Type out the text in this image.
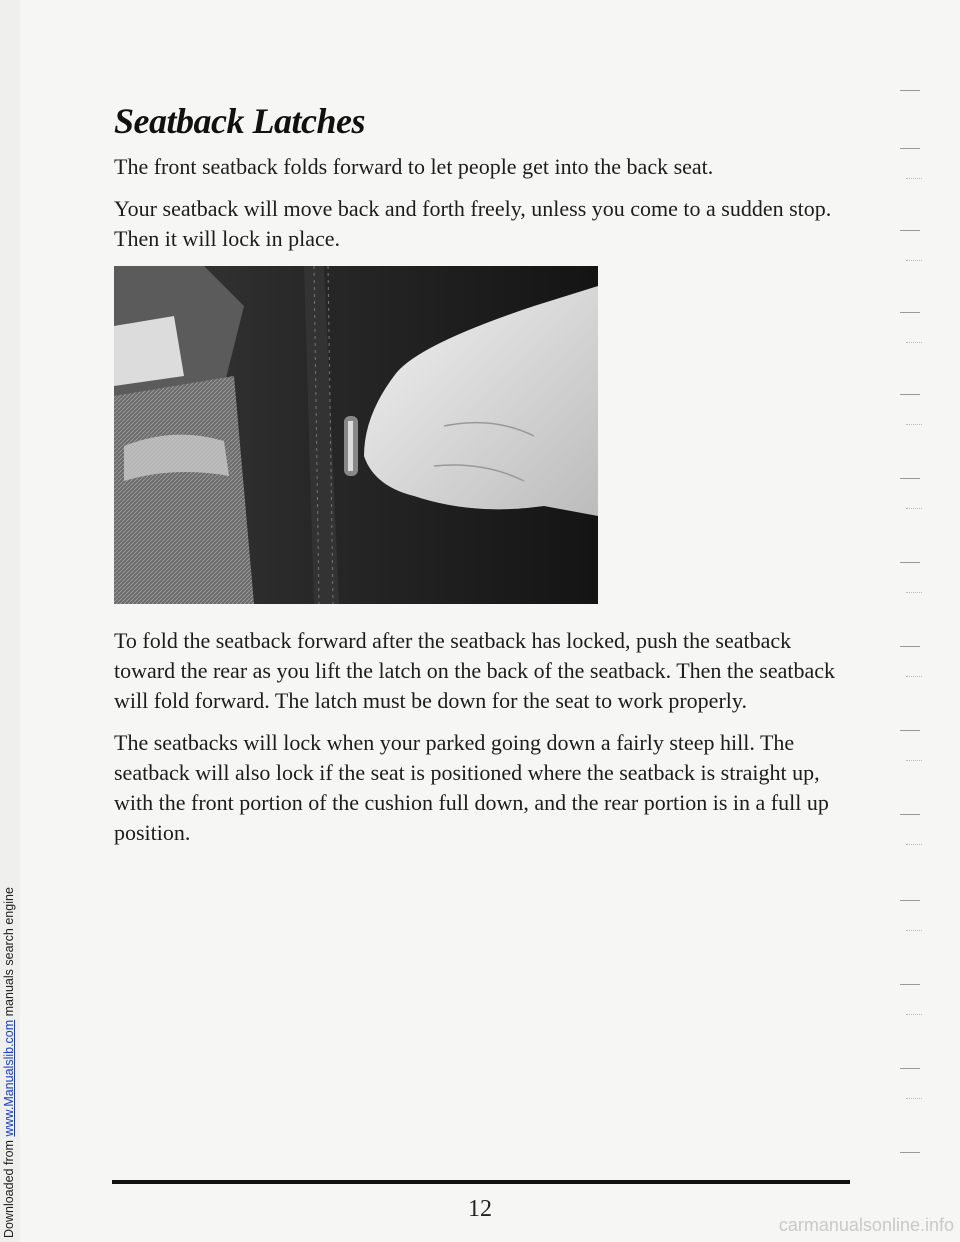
Downloaded from www.Manualslib.com manuals search engine
Seatback Latches

The front seatback folds forward to let people get into the back seat.

Your seatback will move back and forth freely, unless you come to a sudden stop. Then it will lock in place.

To fold the seatback forward after the seatback has locked, push the seatback toward the rear as you lift the latch on the back of the seatback. Then the seatback will fold forward. The latch must be down for the seat to work properly.

The seatbacks will lock when your parked going down a fairly steep hill. The seatback will also lock if the seat is positioned where the seatback is straight up, with the front portion of the cushion full down, and the rear portion is in a full up position.

12
carmanualsonline.info
